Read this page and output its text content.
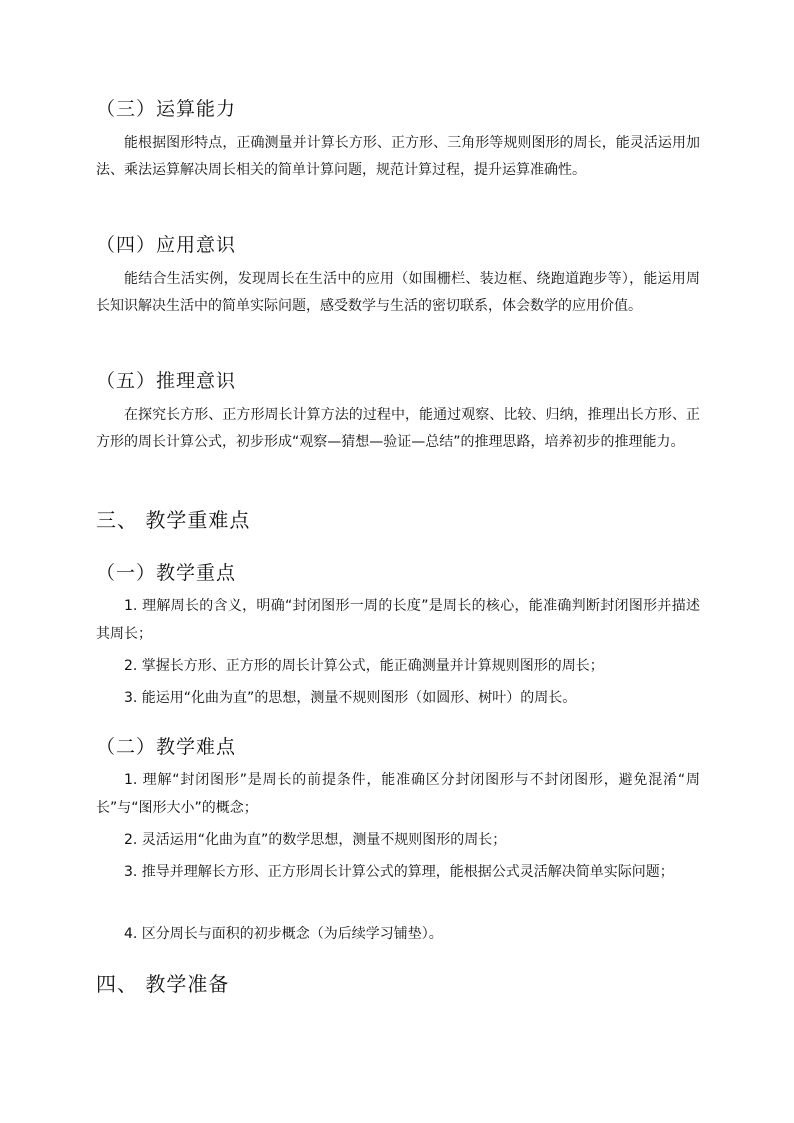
（三）运算能力
能根据图形特点，正确测量并计算长方形、正方形、三角形等规则图形的周长，能灵活运用加法、乘法运算解决周长相关的简单计算问题，规范计算过程，提升运算准确性。
（四）应用意识
能结合生活实例，发现周长在生活中的应用（如围栅栏、装边框、绕跑道跑步等），能运用周长知识解决生活中的简单实际问题，感受数学与生活的密切联系，体会数学的应用价值。
（五）推理意识
在探究长方形、正方形周长计算方法的过程中，能通过观察、比较、归纳，推理出长方形、正方形的周长计算公式，初步形成“观察—猜想—验证—总结”的推理思路，培养初步的推理能力。
三、 教学重难点
（一）教学重点
1. 理解周长的含义，明确“封闭图形一周的长度”是周长的核心，能准确判断封闭图形并描述其周长；
2. 掌握长方形、正方形的周长计算公式，能正确测量并计算规则图形的周长；
3. 能运用“化曲为直”的思想，测量不规则图形（如圆形、树叶）的周长。
（二）教学难点
1. 理解“封闭图形”是周长的前提条件，能准确区分封闭图形与不封闭图形，避免混淆“周长”与“图形大小”的概念；
2. 灵活运用“化曲为直”的数学思想，测量不规则图形的周长；
3. 推导并理解长方形、正方形周长计算公式的算理，能根据公式灵活解决简单实际问题；
4. 区分周长与面积的初步概念（为后续学习铺垫）。
四、 教学准备
